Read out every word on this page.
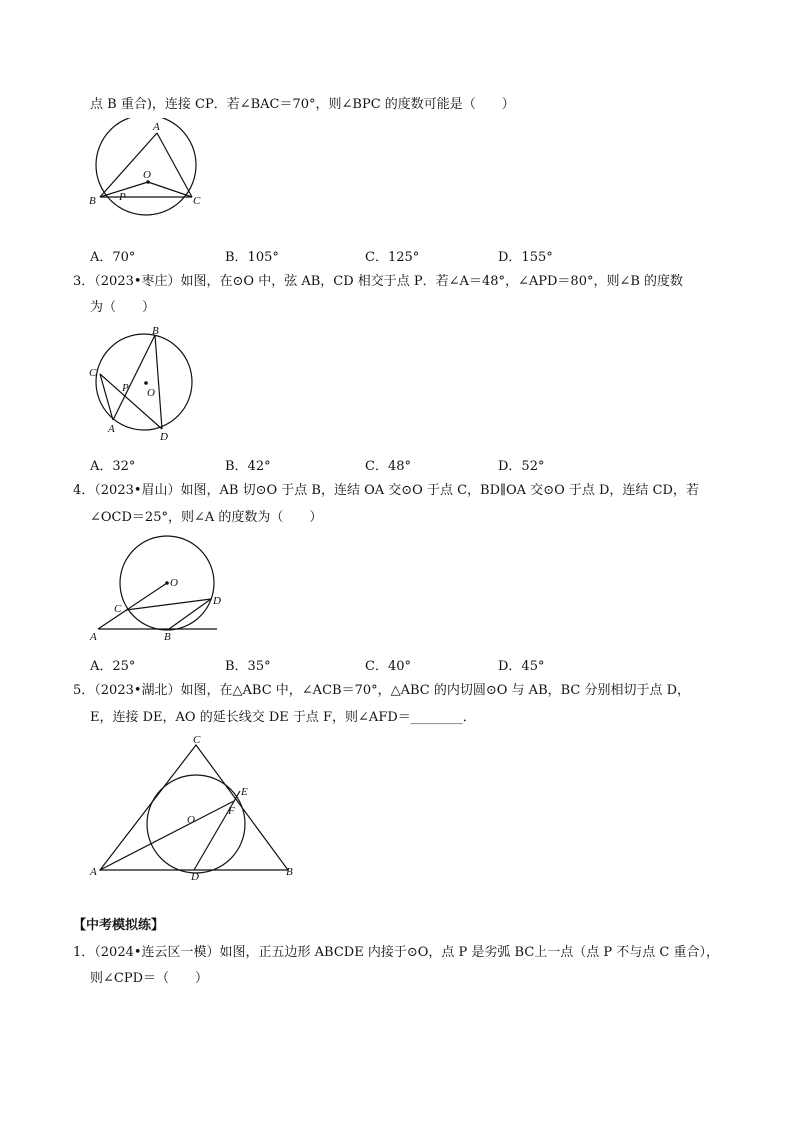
点 B 重合)，连接 CP．若∠BAC＝70°，则∠BPC 的度数可能是（　　）
A
O
P
B	C
A．70°	B．105°	C．125°	D．155°
3．（2023•枣庄）如图，在⊙O 中，弦 AB，CD 相交于点 P．若∠A＝48°，∠APD＝80°，则∠B 的度数
为（　　）
B
C
P O
A
D
A．32°	B．42°	C．48°	D．52°
4．（2023•眉山）如图，AB 切⊙O 于点 B，连结 OA 交⊙O 于点 C，BD∥OA 交⊙O 于点 D，连结 CD，若
∠OCD＝25°，则∠A 的度数为（　　）
O
C
D
A	B
A．25°	B．35°	C．40°	D．45°
5．（2023•湖北）如图，在△ABC 中，∠ACB＝70°，△ABC 的内切圆⊙O 与 AB，BC 分别相切于点 D，
E，连接 DE，AO 的延长线交 DE 于点 F，则∠AFD＝________．
C
E
F
O
A	D	B
【中考模拟练】
1．（2024•连云区一模）如图，正五边形 ABCDE 内接于⊙O，点 P 是劣弧 BC上一点（点 P 不与点 C 重合），
则∠CPD＝（　　）
